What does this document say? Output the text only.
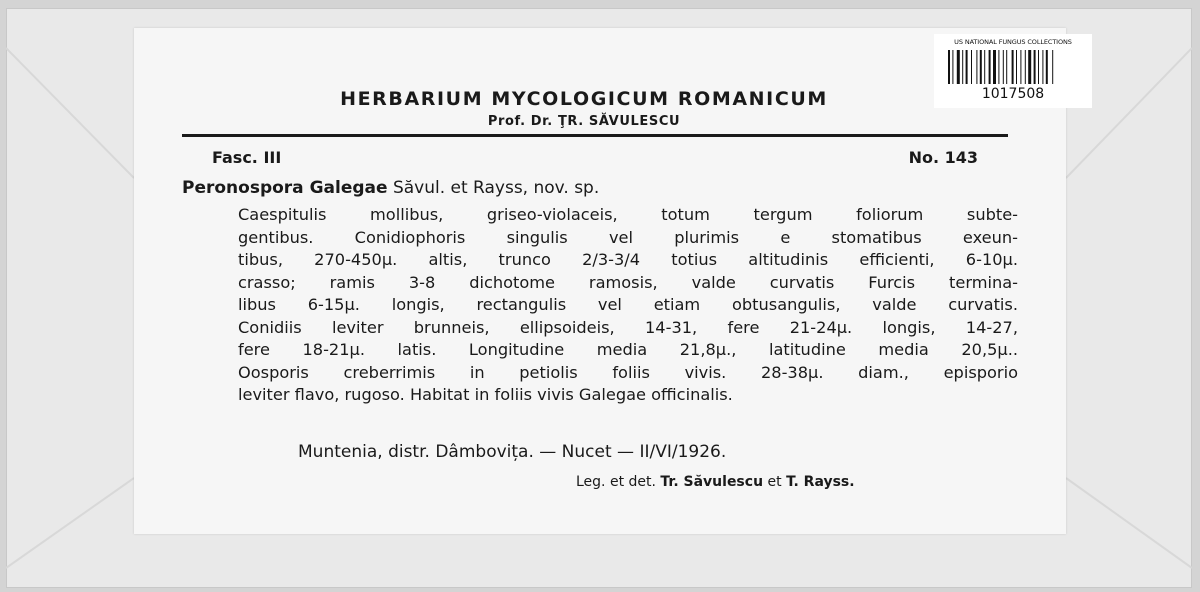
HERBARIUM MYCOLOGICUM ROMANICUM
Prof. Dr. ŢR. SĂVULESCU
Fasc. III	No. 143
Peronospora Galegae Săvul. et Rayss, nov. sp.
Caespitulis mollibus, griseo-violaceis, totum tergum foliorum subte-
gentibus. Conidiophoris singulis vel plurimis e stomatibus exeun-
tibus, 270-450μ. altis, trunco 2/3-3/4 totius altitudinis efficienti, 6-10μ.
crasso; ramis 3-8 dichotome ramosis, valde curvatis Furcis termina-
libus 6-15μ. longis, rectangulis vel etiam obtusangulis, valde curvatis.
Conidiis leviter brunneis, ellipsoideis, 14-31, fere 21-24μ. longis, 14-27,
fere 18-21μ. latis. Longitudine media 21,8μ., latitudine media 20,5μ..
Oosporis creberrimis in petiolis foliis vivis. 28-38μ. diam., episporio
leviter flavo, rugoso. Habitat in foliis vivis Galegae officinalis.
Muntenia, distr. Dâmbovița. — Nucet — II/VI/1926.
Leg. et det. Tr. Săvulescu et T. Rayss.
US NATIONAL FUNGUS COLLECTIONS
1017508
